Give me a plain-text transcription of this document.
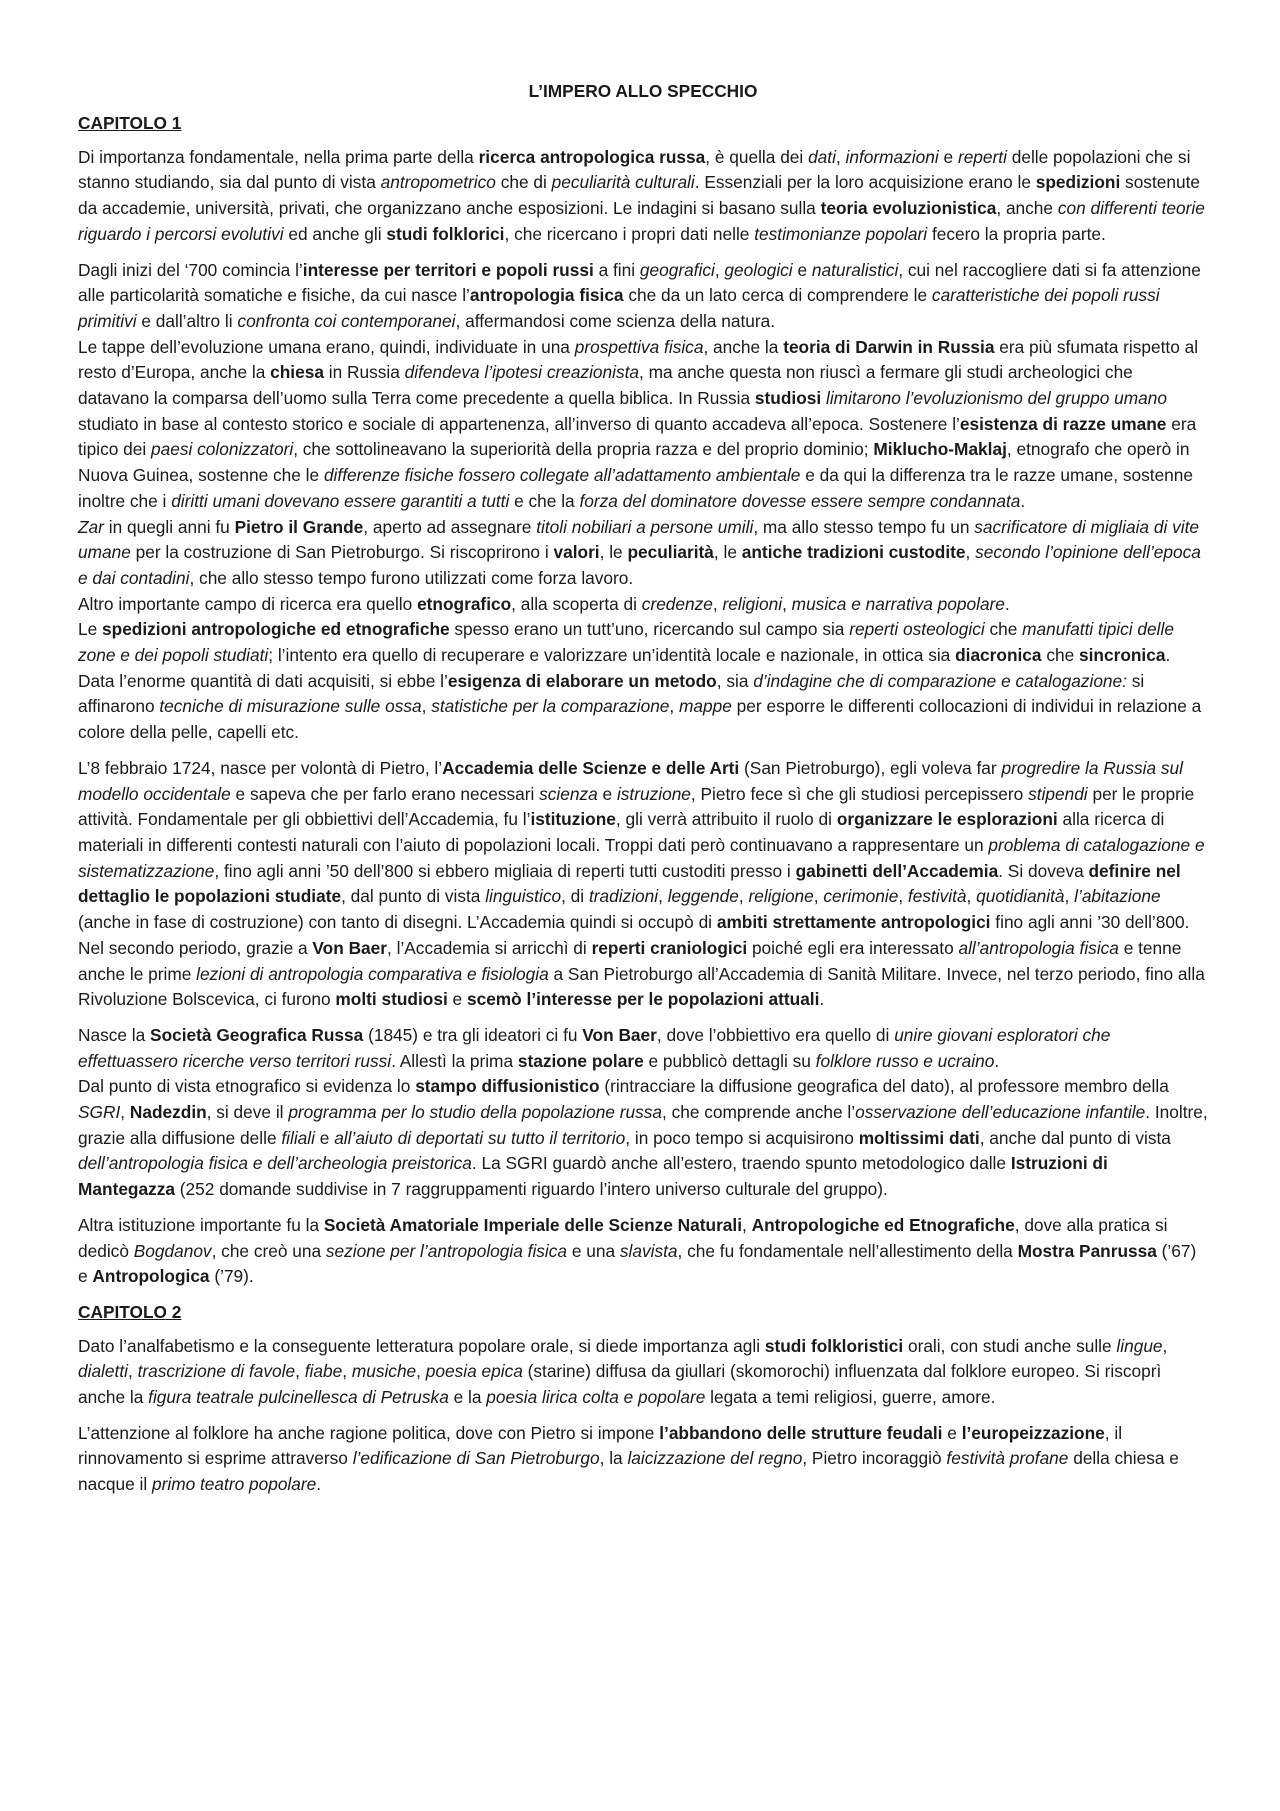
L’IMPERO ALLO SPECCHIO
CAPITOLO 1

Di importanza fondamentale, nella prima parte della ricerca antropologica russa, è quella dei dati, informazioni e reperti delle popolazioni che si stanno studiando, sia dal punto di vista antropometrico che di peculiarità culturali. Essenziali per la loro acquisizione erano le spedizioni sostenute da accademie, università, privati, che organizzano anche esposizioni. Le indagini si basano sulla teoria evoluzionistica, anche con differenti teorie riguardo i percorsi evolutivi ed anche gli studi folklorici, che ricercano i propri dati nelle testimonianze popolari fecero la propria parte.

Dagli inizi del ‘700 comincia l’interesse per territori e popoli russi a fini geografici, geologici e naturalistici, cui nel raccogliere dati si fa attenzione alle particolarità somatiche e fisiche, da cui nasce l’antropologia fisica che da un lato cerca di comprendere le caratteristiche dei popoli russi primitivi e dall’altro li confronta coi contemporanei, affermandosi come scienza della natura.

Le tappe dell’evoluzione umana erano, quindi, individuate in una prospettiva fisica, anche la teoria di Darwin in Russia era più sfumata rispetto al resto d’Europa, anche la chiesa in Russia difendeva l’ipotesi creazionista, ma anche questa non riuscì a fermare gli studi archeologici che datavano la comparsa dell’uomo sulla Terra come precedente a quella biblica. In Russia studiosi limitarono l’evoluzionismo del gruppo umano studiato in base al contesto storico e sociale di appartenenza, all’inverso di quanto accadeva all’epoca. Sostenere l’esistenza di razze umane era tipico dei paesi colonizzatori, che sottolineavano la superiorità della propria razza e del proprio dominio; Miklucho-Maklaj, etnografo che operò in Nuova Guinea, sostenne che le differenze fisiche fossero collegate all’adattamento ambientale e da qui la differenza tra le razze umane, sostenne inoltre che i diritti umani dovevano essere garantiti a tutti e che la forza del dominatore dovesse essere sempre condannata.

Zar in quegli anni fu Pietro il Grande, aperto ad assegnare titoli nobiliari a persone umili, ma allo stesso tempo fu un sacrificatore di migliaia di vite umane per la costruzione di San Pietroburgo. Si riscoprirono i valori, le peculiarità, le antiche tradizioni custodite, secondo l’opinione dell’epoca e dai contadini, che allo stesso tempo furono utilizzati come forza lavoro.

Altro importante campo di ricerca era quello etnografico, alla scoperta di credenze, religioni, musica e narrativa popolare.

Le spedizioni antropologiche ed etnografiche spesso erano un tutt’uno, ricercando sul campo sia reperti osteologici che manufatti tipici delle zone e dei popoli studiati; l’intento era quello di recuperare e valorizzare un’identità locale e nazionale, in ottica sia diacronica che sincronica.

Data l’enorme quantità di dati acquisiti, si ebbe l’esigenza di elaborare un metodo, sia d’indagine che di comparazione e catalogazione: si affinarono tecniche di misurazione sulle ossa, statistiche per la comparazione, mappe per esporre le differenti collocazioni di individui in relazione a colore della pelle, capelli etc.

L’8 febbraio 1724, nasce per volontà di Pietro, l’Accademia delle Scienze e delle Arti (San Pietroburgo), egli voleva far progredire la Russia sul modello occidentale e sapeva che per farlo erano necessari scienza e istruzione, Pietro fece sì che gli studiosi percepissero stipendi per le proprie attività. Fondamentale per gli obbiettivi dell’Accademia, fu l’istituzione, gli verrà attribuito il ruolo di organizzare le esplorazioni alla ricerca di materiali in differenti contesti naturali con l’aiuto di popolazioni locali. Troppi dati però continuavano a rappresentare un problema di catalogazione e sistematizzazione, fino agli anni ’50 dell’800 si ebbero migliaia di reperti tutti custoditi presso i gabinetti dell’Accademia. Si doveva definire nel dettaglio le popolazioni studiate, dal punto di vista linguistico, di tradizioni, leggende, religione, cerimonie, festività, quotidianità, l’abitazione (anche in fase di costruzione) con tanto di disegni. L’Accademia quindi si occupò di ambiti strettamente antropologici fino agli anni ’30 dell’800. Nel secondo periodo, grazie a Von Baer, l’Accademia si arricchì di reperti craniologici poiché egli era interessato all’antropologia fisica e tenne anche le prime lezioni di antropologia comparativa e fisiologia a San Pietroburgo all’Accademia di Sanità Militare. Invece, nel terzo periodo, fino alla Rivoluzione Bolscevica, ci furono molti studiosi e scemò l’interesse per le popolazioni attuali.

Nasce la Società Geografica Russa (1845) e tra gli ideatori ci fu Von Baer, dove l’obbiettivo era quello di unire giovani esploratori che effettuassero ricerche verso territori russi. Allestì la prima stazione polare e pubblicò dettagli su folklore russo e ucraino.

Dal punto di vista etnografico si evidenza lo stampo diffusionistico (rintracciare la diffusione geografica del dato), al professore membro della SGRI, Nadezdin, si deve il programma per lo studio della popolazione russa, che comprende anche l’osservazione dell’educazione infantile. Inoltre, grazie alla diffusione delle filiali e all’aiuto di deportati su tutto il territorio, in poco tempo si acquisirono moltissimi dati, anche dal punto di vista dell’antropologia fisica e dell’archeologia preistorica. La SGRI guardò anche all’estero, traendo spunto metodologico dalle Istruzioni di Mantegazza (252 domande suddivise in 7 raggruppamenti riguardo l’intero universo culturale del gruppo).

Altra istituzione importante fu la Società Amatoriale Imperiale delle Scienze Naturali, Antropologiche ed Etnografiche, dove alla pratica si dedicò Bogdanov, che creò una sezione per l’antropologia fisica e una slavista, che fu fondamentale nell’allestimento della Mostra Panrussa (’67) e Antropologica (’79).

CAPITOLO 2

Dato l’analfabetismo e la conseguente letteratura popolare orale, si diede importanza agli studi folkloristici orali, con studi anche sulle lingue, dialetti, trascrizione di favole, fiabe, musiche, poesia epica (starine) diffusa da giullari (skomorochi) influenzata dal folklore europeo. Si riscoprì anche la figura teatrale pulcinellesca di Petruska e la poesia lirica colta e popolare legata a temi religiosi, guerre, amore.

L’attenzione al folklore ha anche ragione politica, dove con Pietro si impone l’abbandono delle strutture feudali e l’europeizzazione, il rinnovamento si esprime attraverso l’edificazione di San Pietroburgo, la laicizzazione del regno, Pietro incoraggiò festività profane della chiesa e nacque il primo teatro popolare.
